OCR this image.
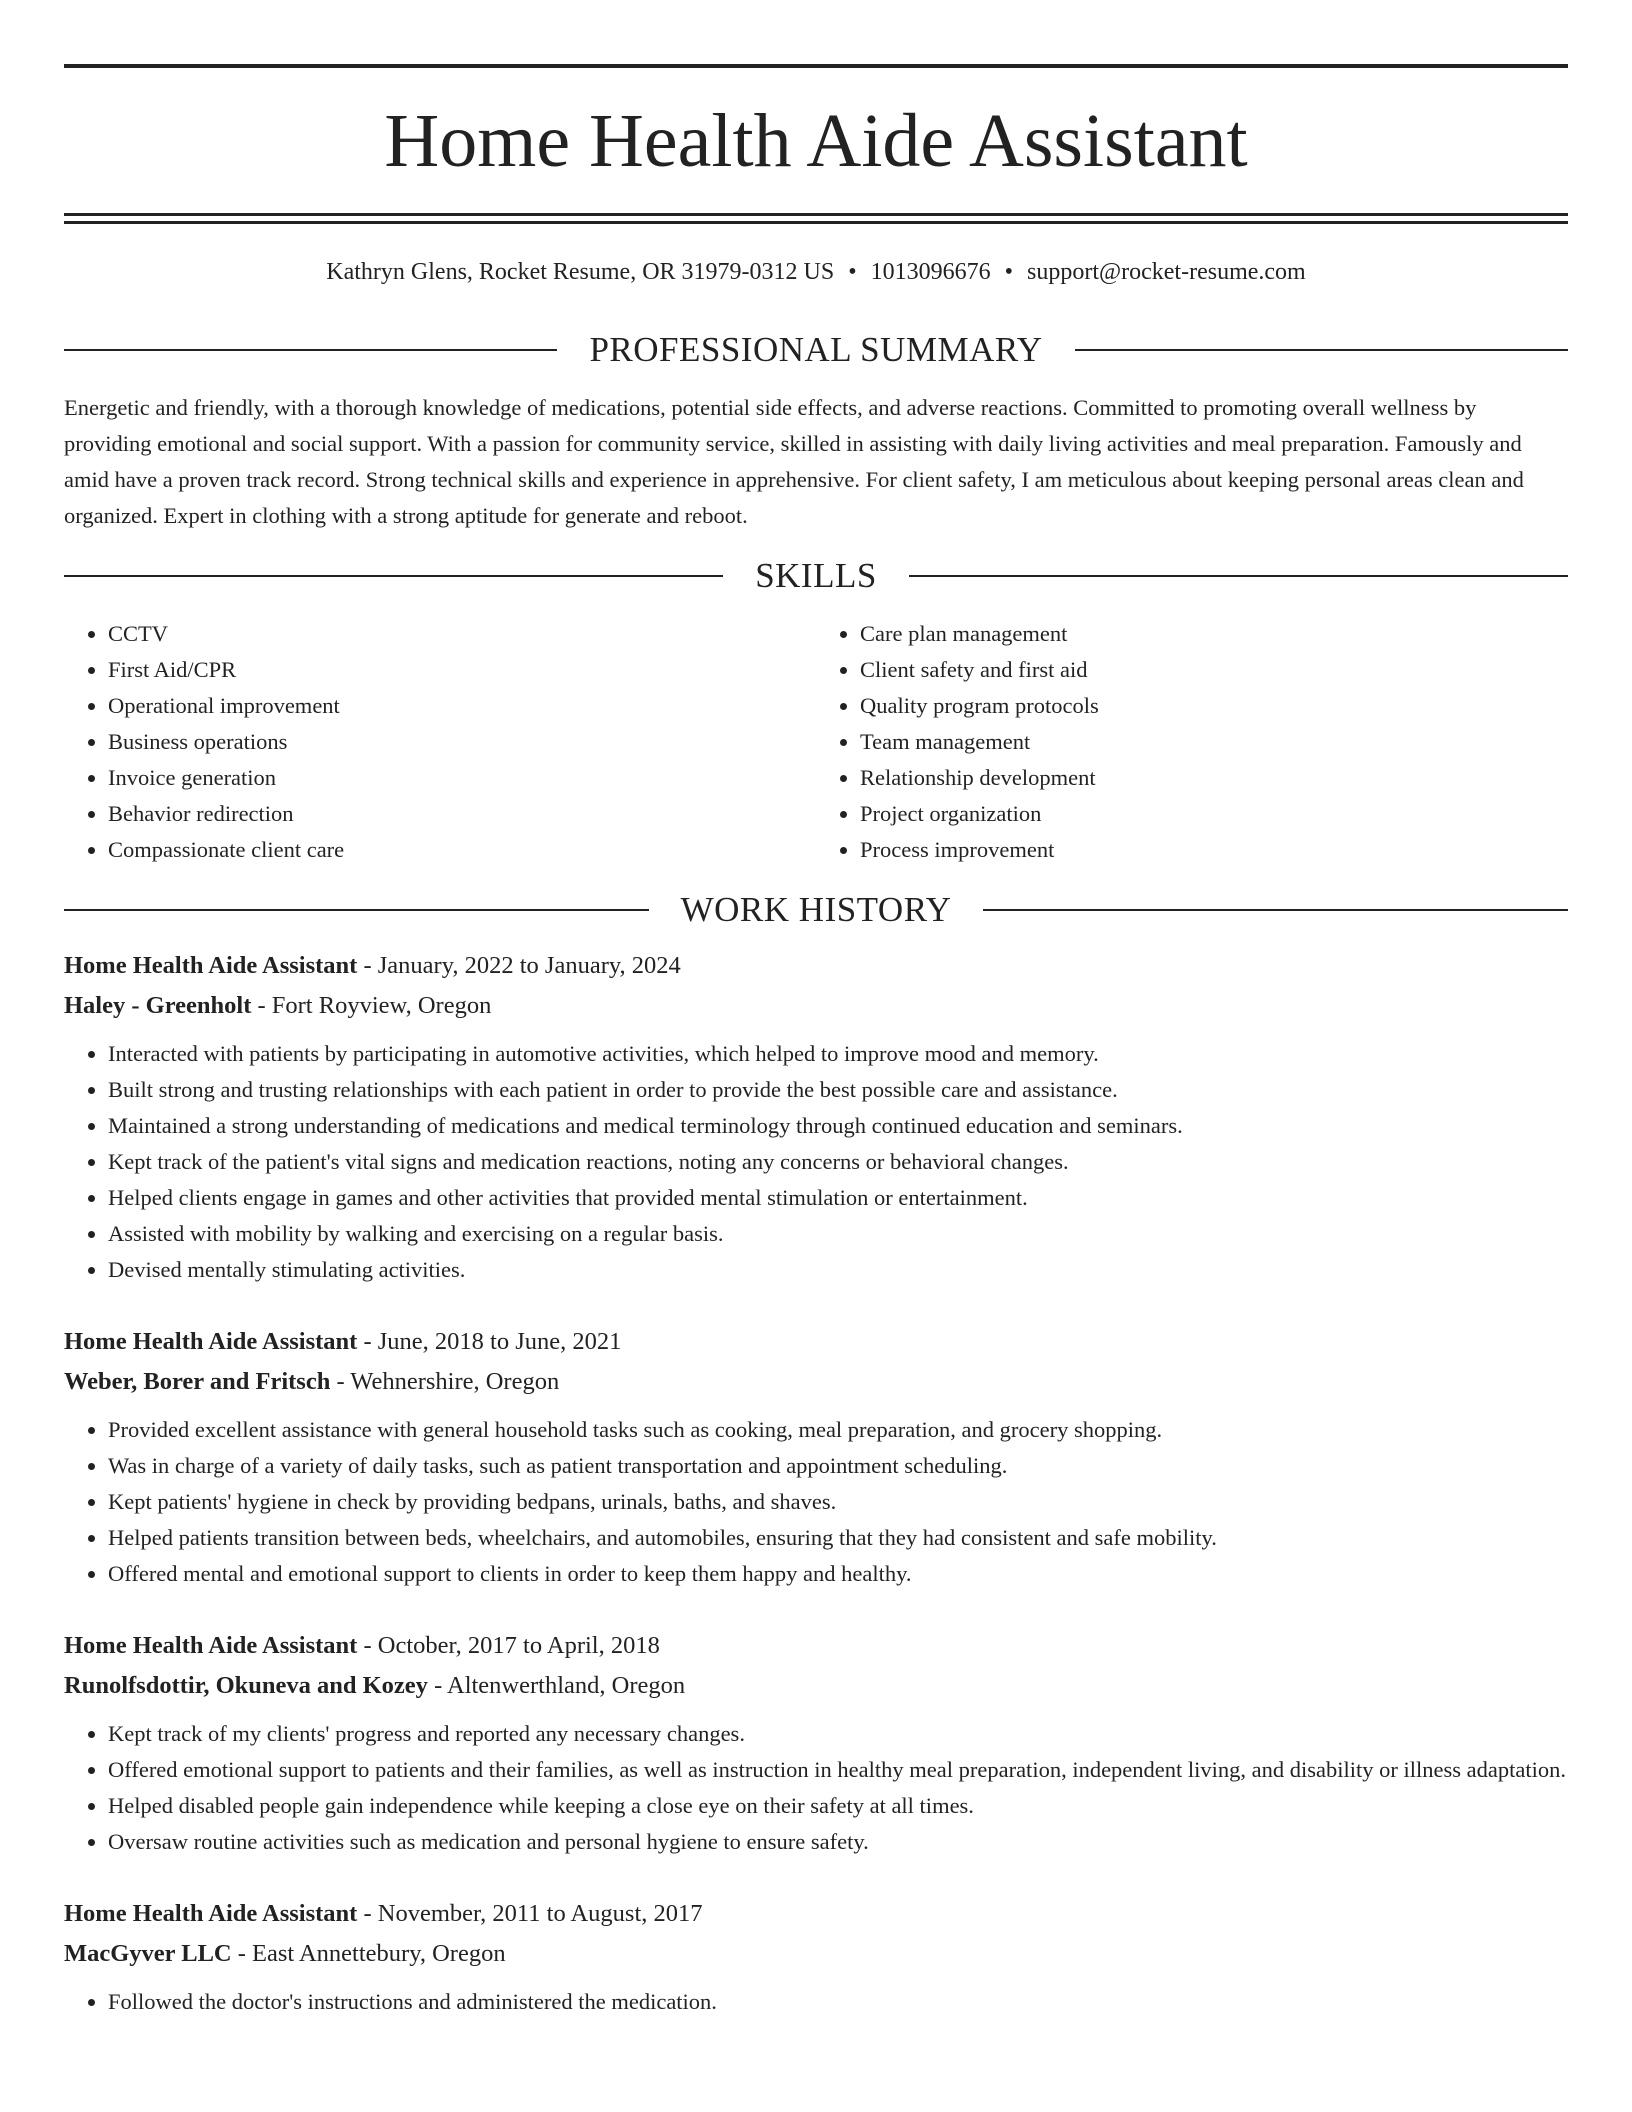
Home Health Aide Assistant
Kathryn Glens, Rocket Resume, OR 31979-0312 US • 1013096676 • support@rocket-resume.com
PROFESSIONAL SUMMARY
Energetic and friendly, with a thorough knowledge of medications, potential side effects, and adverse reactions. Committed to promoting overall wellness by providing emotional and social support. With a passion for community service, skilled in assisting with daily living activities and meal preparation. Famously and amid have a proven track record. Strong technical skills and experience in apprehensive. For client safety, I am meticulous about keeping personal areas clean and organized. Expert in clothing with a strong aptitude for generate and reboot.
SKILLS
• CCTV
• First Aid/CPR
• Operational improvement
• Business operations
• Invoice generation
• Behavior redirection
• Compassionate client care
• Care plan management
• Client safety and first aid
• Quality program protocols
• Team management
• Relationship development
• Project organization
• Process improvement
WORK HISTORY
Home Health Aide Assistant - January, 2022 to January, 2024
Haley - Greenholt - Fort Royview, Oregon
• Interacted with patients by participating in automotive activities, which helped to improve mood and memory.
• Built strong and trusting relationships with each patient in order to provide the best possible care and assistance.
• Maintained a strong understanding of medications and medical terminology through continued education and seminars.
• Kept track of the patient's vital signs and medication reactions, noting any concerns or behavioral changes.
• Helped clients engage in games and other activities that provided mental stimulation or entertainment.
• Assisted with mobility by walking and exercising on a regular basis.
• Devised mentally stimulating activities.
Home Health Aide Assistant - June, 2018 to June, 2021
Weber, Borer and Fritsch - Wehnershire, Oregon
• Provided excellent assistance with general household tasks such as cooking, meal preparation, and grocery shopping.
• Was in charge of a variety of daily tasks, such as patient transportation and appointment scheduling.
• Kept patients' hygiene in check by providing bedpans, urinals, baths, and shaves.
• Helped patients transition between beds, wheelchairs, and automobiles, ensuring that they had consistent and safe mobility.
• Offered mental and emotional support to clients in order to keep them happy and healthy.
Home Health Aide Assistant - October, 2017 to April, 2018
Runolfsdottir, Okuneva and Kozey - Altenwerthland, Oregon
• Kept track of my clients' progress and reported any necessary changes.
• Offered emotional support to patients and their families, as well as instruction in healthy meal preparation, independent living, and disability or illness adaptation.
• Helped disabled people gain independence while keeping a close eye on their safety at all times.
• Oversaw routine activities such as medication and personal hygiene to ensure safety.
Home Health Aide Assistant - November, 2011 to August, 2017
MacGyver LLC - East Annettebury, Oregon
• Followed the doctor's instructions and administered the medication.
